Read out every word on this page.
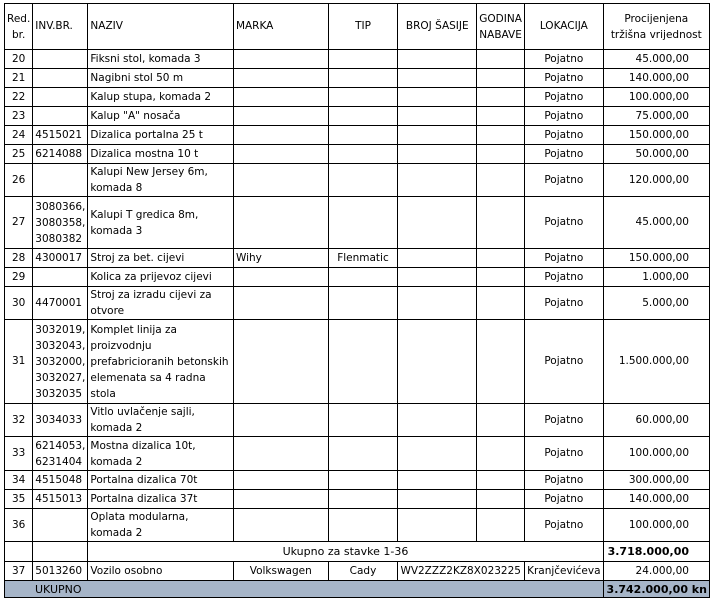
Red. br.	INV.BR.	NAZIV	MARKA	TIP	BROJ ŠASIJE	GODINA NABAVE	LOKACIJA	Procijenjena tržišna vrijednost
20		Fiksni stol, komada 3					Pojatno	45.000,00
21		Nagibni stol 50 m					Pojatno	140.000,00
22		Kalup stupa, komada 2					Pojatno	100.000,00
23		Kalup "A" nosača					Pojatno	75.000,00
24	4515021	Dizalica portalna 25 t					Pojatno	150.000,00
25	6214088	Dizalica mostna 10 t					Pojatno	50.000,00
26		Kalupi New Jersey 6m, komada 8					Pojatno	120.000,00
27	3080366, 3080358, 3080382	Kalupi T gredica 8m, komada 3					Pojatno	45.000,00
28	4300017	Stroj za bet. cijevi	Wihy	Flenmatic			Pojatno	150.000,00
29		Kolica za prijevoz cijevi					Pojatno	1.000,00
30	4470001	Stroj za izradu cijevi za otvore					Pojatno	5.000,00
31	3032019, 3032043, 3032000, 3032027, 3032035	Komplet linija za proizvodnju prefabricioranih betonskih elemenata sa 4 radna stola					Pojatno	1.500.000,00
32	3034033	Vitlo uvlačenje sajli, komada 2					Pojatno	60.000,00
33	6214053, 6231404	Mostna dizalica 10t, komada 2					Pojatno	100.000,00
34	4515048	Portalna dizalica 70t					Pojatno	300.000,00
35	4515013	Portalna dizalica 37t					Pojatno	140.000,00
36		Oplata modularna, komada 2					Pojatno	100.000,00
		Ukupno za stavke 1-36						3.718.000,00
37	5013260	Vozilo osobno	Volkswagen	Cady	WV2ZZZ2KZ8X023225		Kranjčevićeva	24.000,00
UKUPNO								3.742.000,00 kn
